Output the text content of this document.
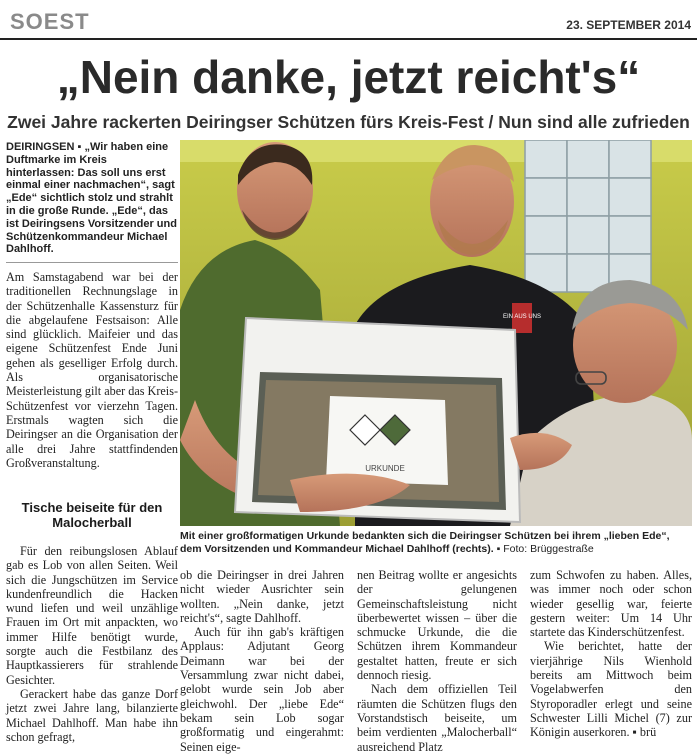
SOEST	23. SEPTEMBER 2014
„Nein danke, jetzt reicht's“
Zwei Jahre rackerten Deiringser Schützen fürs Kreis-Fest / Nun sind alle zufrieden
DEIRINGSEN ▪ „Wir haben eine Duftmarke im Kreis hinterlassen: Das soll uns erst einmal einer nachmachen“, sagt „Ede“ sichtlich stolz und strahlt in die große Runde. „Ede“, das ist Deiringsens Vorsitzender und Schützenkommandeur Michael Dahlhoff.

Am Samstagabend war bei der traditionellen Rechnungslage in der Schützenhalle Kassensturz für die abgelaufene Festsaison: Alle sind glücklich. Maifeier und das eigene Schützenfest Ende Juni gehen als geselliger Erfolg durch. Als organisatorische Meisterleistung gilt aber das Kreis-Schützenfest vor vierzehn Tagen. Erstmals wagten sich die Deiringser an die Organisation der alle drei Jahre stattfindenden Großveranstaltung.

Tische beiseite für den Malocherball

Für den reibungslosen Ablauf gab es Lob von allen Seiten. Weil sich die Jungschützen im Service kundenfreundlich die Hacken wund liefen und weil unzählige Frauen im Ort mit anpackten, wo immer Hilfe benötigt wurde, sorgte auch die Festbilanz des Hauptkassierers für strahlende Gesichter.

Gerackert habe das ganze Dorf jetzt zwei Jahre lang, bilanzierte Michael Dahlhoff. Man habe ihn schon gefragt,

EIN AUS UNS
URKUNDE
Mit einer großformatigen Urkunde bedankten sich die Deiringser Schützen bei ihrem „lieben Ede“, dem Vorsitzenden und Kommandeur Michael Dahlhoff (rechts). ▪ Foto: Brüggestraße

ob die Deiringser in drei Jahren nicht wieder Ausrichter sein wollten. „Nein danke, jetzt reicht's“, sagte Dahlhoff.

Auch für ihn gab's kräftigen Applaus: Adjutant Georg Deimann war bei der Versammlung zwar nicht dabei, gelobt wurde sein Job aber gleichwohl. Der „liebe Ede“ bekam sein Lob sogar großformatig und eingerahmt: Seinen eige-

nen Beitrag wollte er angesichts der gelungenen Gemeinschaftsleistung nicht überbewertet wissen – über die schmucke Urkunde, die die Schützen ihrem Kommandeur gestaltet hatten, freute er sich dennoch riesig.

Nach dem offiziellen Teil räumten die Schützen flugs den Vorstandstisch beiseite, um beim verdienten „Malocherball“ ausreichend Platz

zum Schwofen zu haben. Alles, was immer noch oder schon wieder gesellig war, feierte gestern weiter: Um 14 Uhr startete das Kinderschützenfest.

Wie berichtet, hatte der vierjährige Nils Wienhold bereits am Mittwoch beim Vogelabwerfen den Styroporadler erlegt und seine Schwester Lilli Michel (7) zur Königin auserkoren. ▪ brü
